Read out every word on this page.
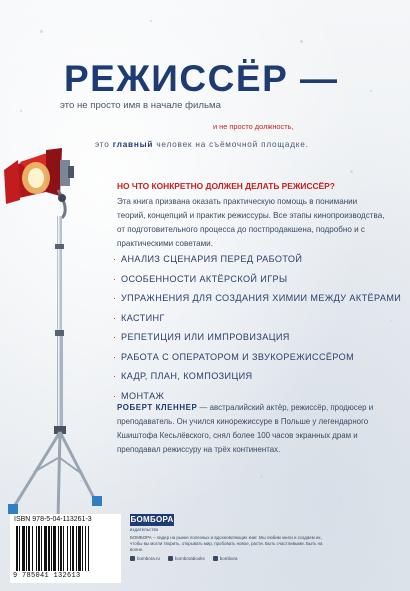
РЕЖИССЁР —
это не просто имя в начале фильма
и не просто должность,
это главный человек на съёмочной площадке.
НО ЧТО КОНКРЕТНО ДОЛЖЕН ДЕЛАТЬ РЕЖИССЁР?
Эта книга призвана оказать практическую помощь в понимании теорий, концепций и практик режиссуры. Все этапы кинопроизводства, от подготовительного процесса до постпродакшена, подробно и с практическими советами.
· АНАЛИЗ СЦЕНАРИЯ ПЕРЕД РАБОТОЙ
· ОСОБЕННОСТИ АКТЁРСКОЙ ИГРЫ
· УПРАЖНЕНИЯ ДЛЯ СОЗДАНИЯ ХИМИИ МЕЖДУ АКТЁРАМИ
· КАСТИНГ
· РЕПЕТИЦИЯ ИЛИ ИМПРОВИЗАЦИЯ
· РАБОТА С ОПЕРАТОРОМ И ЗВУКОРЕЖИССЁРОМ
· КАДР, ПЛАН, КОМПОЗИЦИЯ
· МОНТАЖ
РОБЕРТ КЛЕННЕР — австралийский актёр, режиссёр, продюсер и преподаватель. Он учился кинорежиссуре в Польше у легендарного Кшиштофа Кесьлёвского, снял более 100 часов экранных драм и преподавал режиссуру на трёх континентах.
ISBN 978-5-04-113261-3
9 785041 132613
БОМБОРА
издательство
БОМБОРА – лидер на рынке полезных и вдохновляющих книг. Мы любим книги и создаем их, чтобы вы могли творить, открывать мир, пробовать новое, расти. Быть счастливыми. Быть на волне.
bombora.ru	bomborabooks	bombora
